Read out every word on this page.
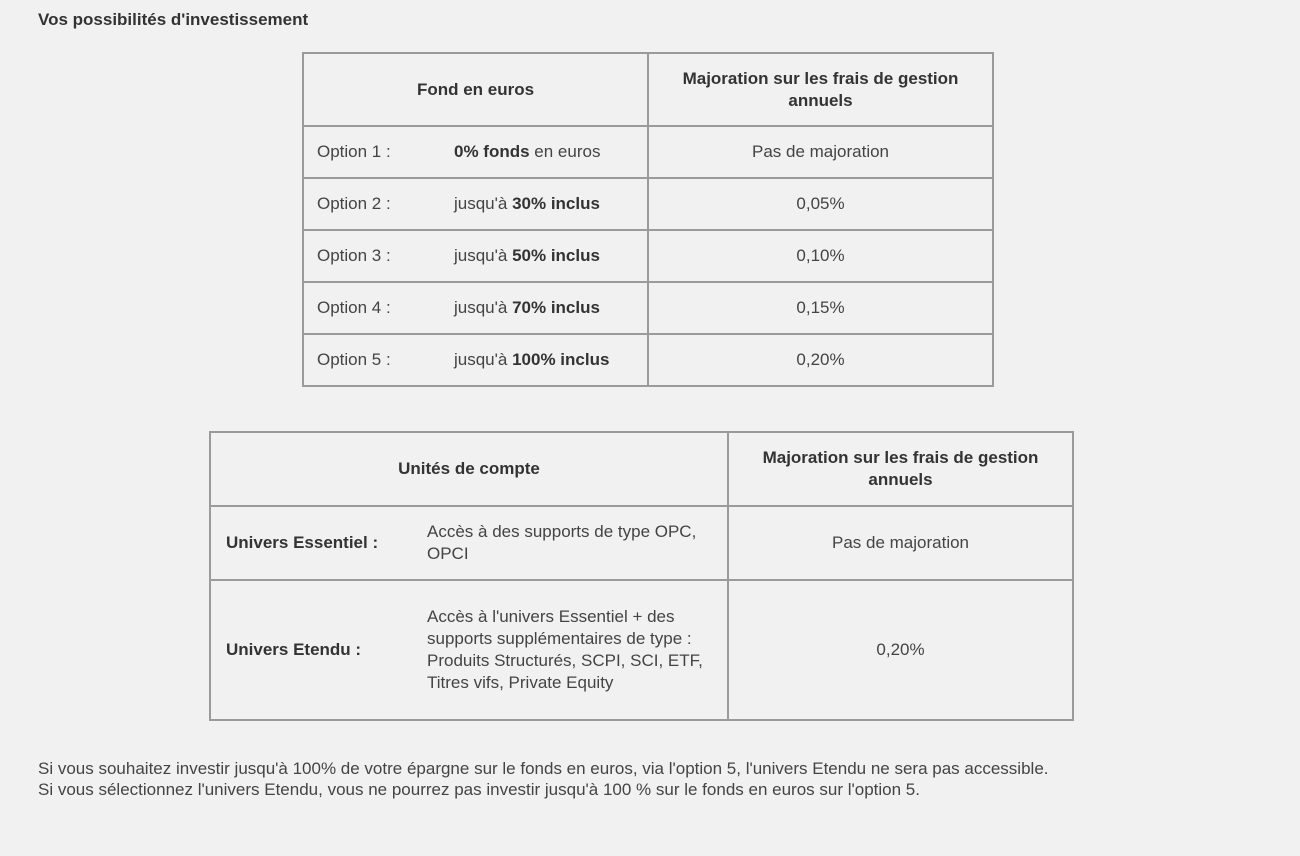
Vos possibilités d'investissement
Fond en euros	Majoration sur les frais de gestion annuels

Option 1 : 0% fonds en euros	Pas de majoration

Option 2 : jusqu'à 30% inclus	0,05%

Option 3 : jusqu'à 50% inclus	0,10%

Option 4 : jusqu'à 70% inclus	0,15%

Option 5 : jusqu'à 100% inclus	0,20%
Unités de compte	Majoration sur les frais de gestion annuels

Univers Essentiel :
Accès à des supports de type OPC, OPCI	Pas de majoration

Univers Etendu :
Accès à l'univers Essentiel + des supports supplémentaires de type : Produits Structurés, SCPI, SCI, ETF, Titres vifs, Private Equity	0,20%

Si vous souhaitez investir jusqu'à 100% de votre épargne sur le fonds en euros, via l'option 5, l'univers Etendu ne sera pas accessible.

Si vous sélectionnez l'univers Etendu, vous ne pourrez pas investir jusqu'à 100 % sur le fonds en euros sur l'option 5.
